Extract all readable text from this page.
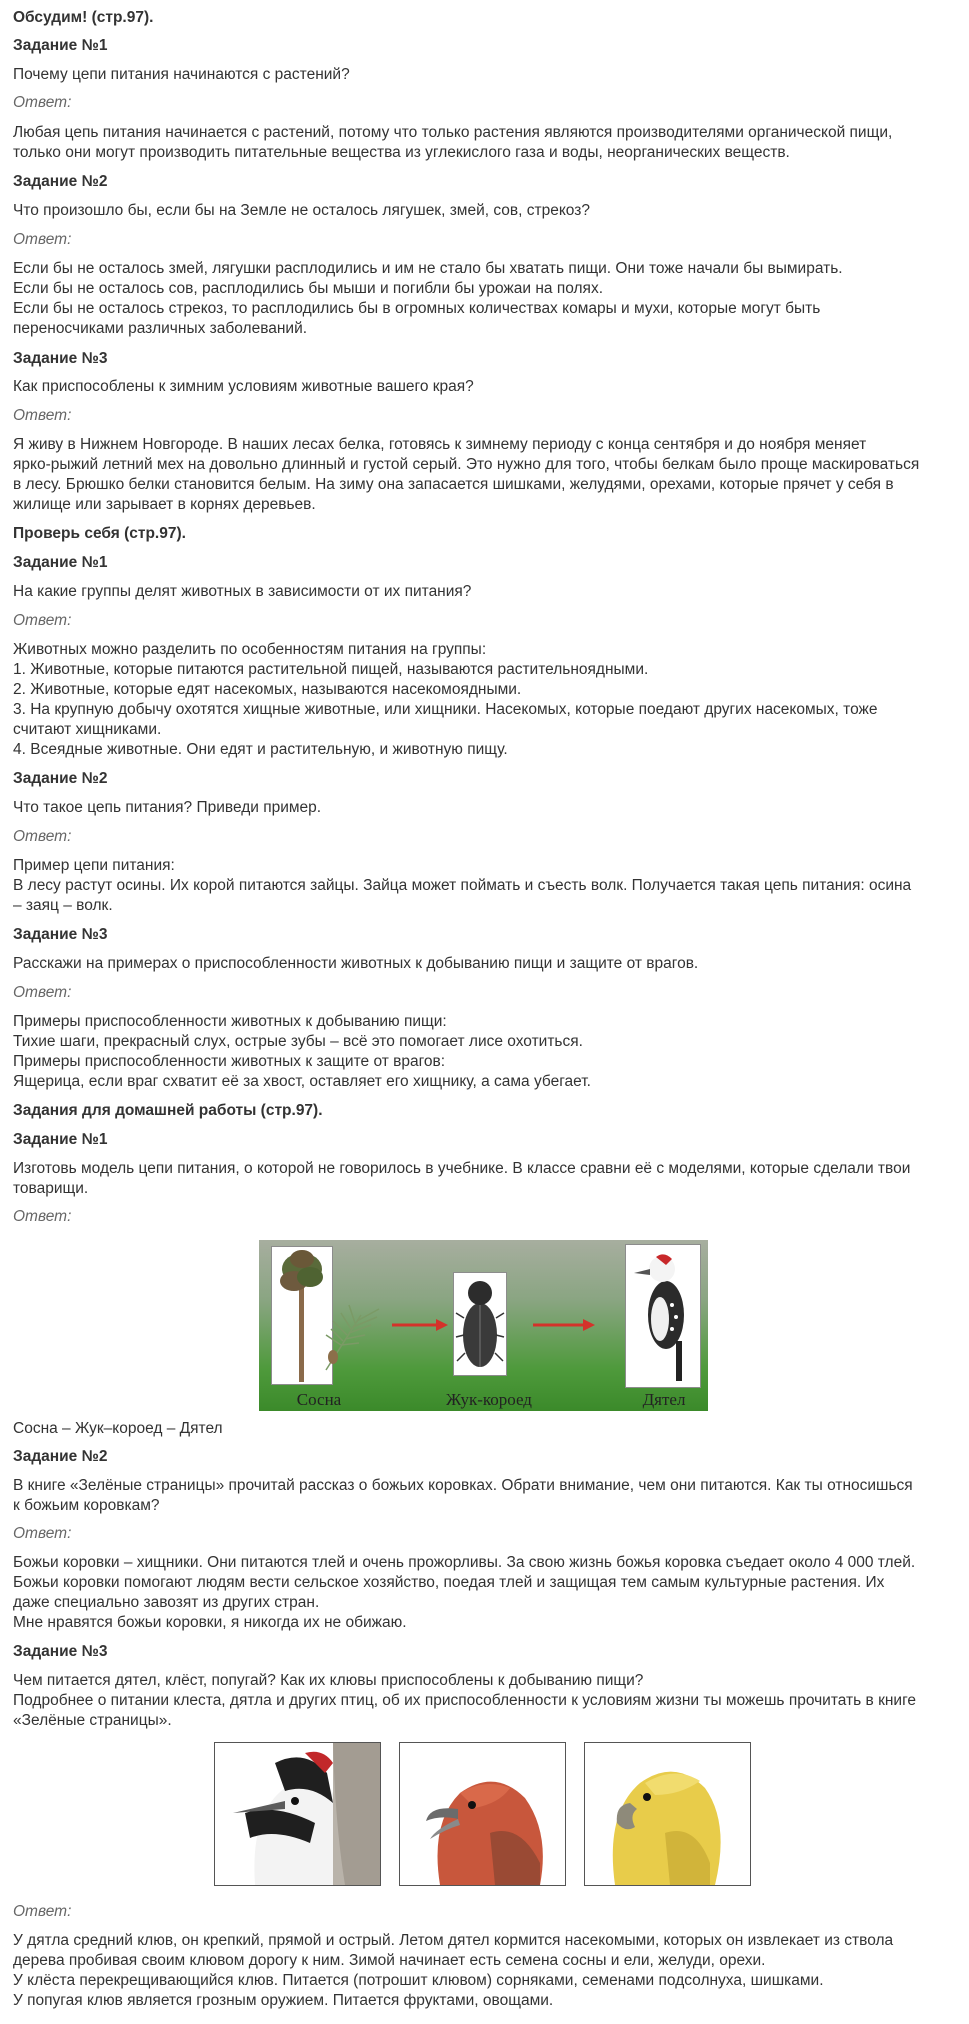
Обсудим! (стр.97).
Задание №1
Почему цепи питания начинаются с растений?
Ответ:
Любая цепь питания начинается с растений, потому что только растения являются производителями органической пищи,
только они могут производить питательные вещества из углекислого газа и воды, неорганических веществ.
Задание №2
Что произошло бы, если бы на Земле не осталось лягушек, змей, сов, стрекоз?
Ответ:
Если бы не осталось змей, лягушки расплодились и им не стало бы хватать пищи. Они тоже начали бы вымирать.
Если бы не осталось сов, расплодились бы мыши и погибли бы урожаи на полях.
Если бы не осталось стрекоз, то расплодились бы в огромных количествах комары и мухи, которые могут быть
переносчиками различных заболеваний.
Задание №3
Как приспособлены к зимним условиям животные вашего края?
Ответ:
Я живу в Нижнем Новгороде. В наших лесах белка, готовясь к зимнему периоду с конца сентября и до ноября меняет
ярко-рыжий летний мех на довольно длинный и густой серый. Это нужно для того, чтобы белкам было проще маскироваться
в лесу. Брюшко белки становится белым. На зиму она запасается шишками, желудями, орехами, которые прячет у себя в
жилище или зарывает в корнях деревьев.
Проверь себя (стр.97).
Задание №1
На какие группы делят животных в зависимости от их питания?
Ответ:
Животных можно разделить по особенностям питания на группы:
1. Животные, которые питаются растительной пищей, называются растительноядными.
2. Животные, которые едят насекомых, называются насекомоядными.
3. На крупную добычу охотятся хищные животные, или хищники. Насекомых, которые поедают других насекомых, тоже
считают хищниками.
4. Всеядные животные. Они едят и растительную, и животную пищу.
Задание №2
Что такое цепь питания? Приведи пример.
Ответ:
Пример цепи питания:
В лесу растут осины. Их корой питаются зайцы. Зайца может поймать и съесть волк. Получается такая цепь питания: осина
– заяц – волк.
Задание №3
Расскажи на примерах о приспособленности животных к добыванию пищи и защите от врагов.
Ответ:
Примеры приспособленности животных к добыванию пищи:
Тихие шаги, прекрасный слух, острые зубы – всё это помогает лисе охотиться.
Примеры приспособленности животных к защите от врагов:
Ящерица, если враг схватит её за хвост, оставляет его хищнику, а сама убегает.
Задания для домашней работы (стр.97).
Задание №1
Изготовь модель цепи питания, о которой не говорилось в учебнике. В классе сравни её с моделями, которые сделали твои
товарищи.
Ответ:
Сосна	Жук-короед	Дятел
Сосна – Жук–короед – Дятел
Задание №2
В книге «Зелёные страницы» прочитай рассказ о божьих коровках. Обрати внимание, чем они питаются. Как ты относишься
к божьим коровкам?
Ответ:
Божьи коровки – хищники. Они питаются тлей и очень прожорливы. За свою жизнь божья коровка съедает около 4 000 тлей.
Божьи коровки помогают людям вести сельское хозяйство, поедая тлей и защищая тем самым культурные растения. Их
даже специально завозят из других стран.
Мне нравятся божьи коровки, я никогда их не обижаю.
Задание №3
Чем питается дятел, клёст, попугай? Как их клювы приспособлены к добыванию пищи?
Подробнее о питании клеста, дятла и других птиц, об их приспособленности к условиям жизни ты можешь прочитать в книге
«Зелёные страницы».
Ответ:
У дятла средний клюв, он крепкий, прямой и острый. Летом дятел кормится насекомыми, которых он извлекает из ствола
дерева пробивая своим клювом дорогу к ним. Зимой начинает есть семена сосны и ели, желуди, орехи.
У клёста перекрещивающийся клюв. Питается (потрошит клювом) сорняками, семенами подсолнуха, шишками.
У попугая клюв является грозным оружием. Питается фруктами, овощами.
